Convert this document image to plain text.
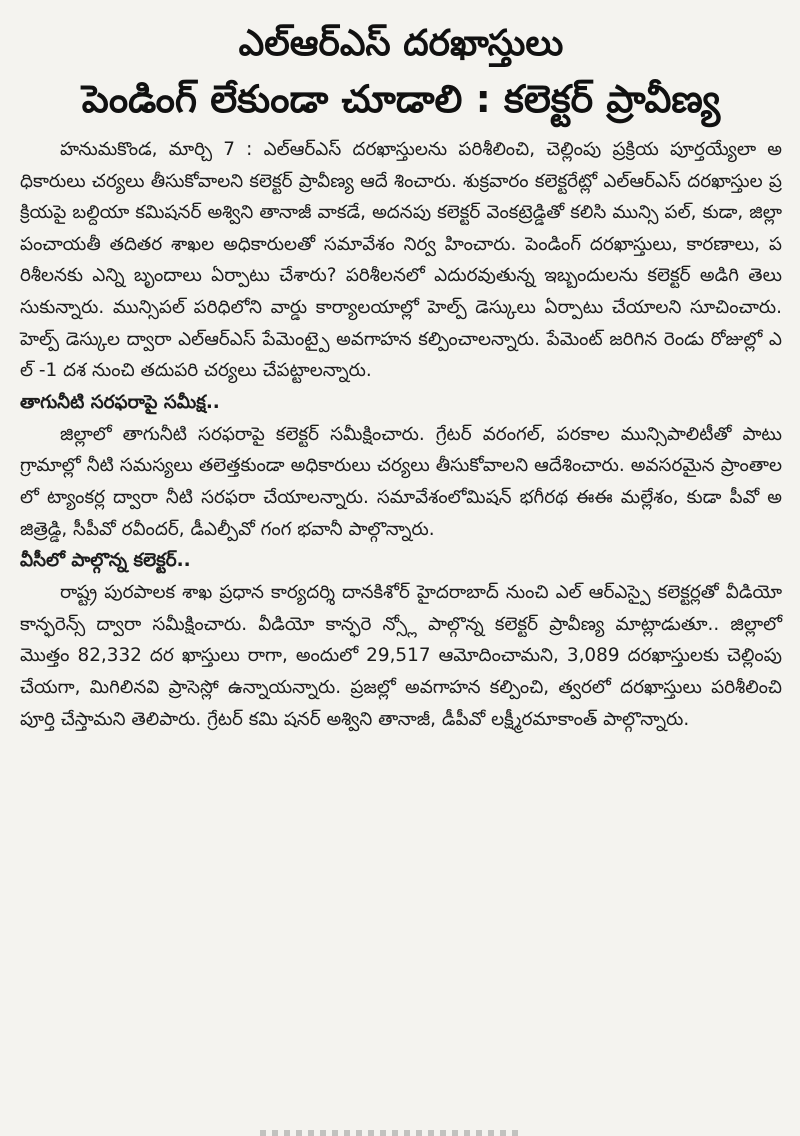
ఎల్ఆర్ఎస్ దరఖాస్తులు
పెండింగ్ లేకుండా చూడాలి : కలెక్టర్ ప్రావీణ్య

హనుమకొండ, మార్చి 7 : ఎల్ఆర్ఎస్ దరఖాస్తులను పరిశీలించి, చెల్లింపు ప్రక్రియ పూర్తయ్యేలా అధికారులు చర్యలు తీసుకోవాలని కలెక్టర్ ప్రావీణ్య ఆదే శించారు. శుక్రవారం కలెక్టరేట్లో ఎల్ఆర్ఎస్ దరఖాస్తుల ప్రక్రియపై బల్దియా కమిషనర్ అశ్విని తానాజీ వాకడే, అదనపు కలెక్టర్ వెంకట్రెడ్డితో కలిసి మున్సి పల్, కుడా, జిల్లా పంచాయతీ తదితర శాఖల అధికారులతో సమావేశం నిర్వ హించారు. పెండింగ్ దరఖాస్తులు, కారణాలు, పరిశీలనకు ఎన్ని బృందాలు ఏర్పాటు చేశారు? పరిశీలనలో ఎదురవుతున్న ఇబ్బందులను కలెక్టర్ అడిగి తెలు సుకున్నారు. మున్సిపల్ పరిధిలోని వార్డు కార్యాలయాల్లో హెల్ప్ డెస్కులు ఏర్పాటు చేయాలని సూచించారు. హెల్ప్ డెస్కుల ద్వారా ఎల్ఆర్ఎస్ పేమెంట్పై అవగాహన కల్పించాలన్నారు. పేమెంట్ జరిగిన రెండు రోజుల్లో ఎల్ -1 దశ నుంచి తదుపరి చర్యలు చేపట్టాలన్నారు.

తాగునీటి సరఫరాపై సమీక్ష..

జిల్లాలో తాగునీటి సరఫరాపై కలెక్టర్ సమీక్షించారు. గ్రేటర్ వరంగల్, పరకాల మున్సిపాలిటీతో పాటు గ్రామాల్లో నీటి సమస్యలు తలెత్తకుండా అధికారులు చర్యలు తీసుకోవాలని ఆదేశించారు. అవసరమైన ప్రాంతాలలో ట్యాంకర్ల ద్వారా నీటి సరఫరా చేయాలన్నారు. సమావేశంలోమిషన్ భగీరథ ఈఈ మల్లేశం, కుడా పీవో అజిత్రెడ్డి, సీపీవో రవీందర్, డీఎల్పీవో గంగ భవానీ పాల్గొన్నారు.

వీసీలో పాల్గొన్న కలెక్టర్..

రాష్ట్ర పురపాలక శాఖ ప్రధాన కార్యదర్శి దానకిశోర్ హైదరాబాద్ నుంచి ఎల్ ఆర్ఎస్పై కలెక్టర్లతో వీడియో కాన్ఫరెన్స్ ద్వారా సమీక్షించారు. వీడియో కాన్ఫరె న్స్లో పాల్గొన్న కలెక్టర్ ప్రావీణ్య మాట్లాడుతూ.. జిల్లాలో మొత్తం 82,332 దర ఖాస్తులు రాగా, అందులో 29,517 ఆమోదించామని, 3,089 దరఖాస్తులకు చెల్లింపు చేయగా, మిగిలినవి ప్రాసెస్లో ఉన్నాయన్నారు. ప్రజల్లో అవగాహన కల్పించి, త్వరలో దరఖాస్తులు పరిశీలించి పూర్తి చేస్తామని తెలిపారు. గ్రేటర్ కమి షనర్ అశ్విని తానాజీ, డీపీవో లక్ష్మీరమాకాంత్ పాల్గొన్నారు.
